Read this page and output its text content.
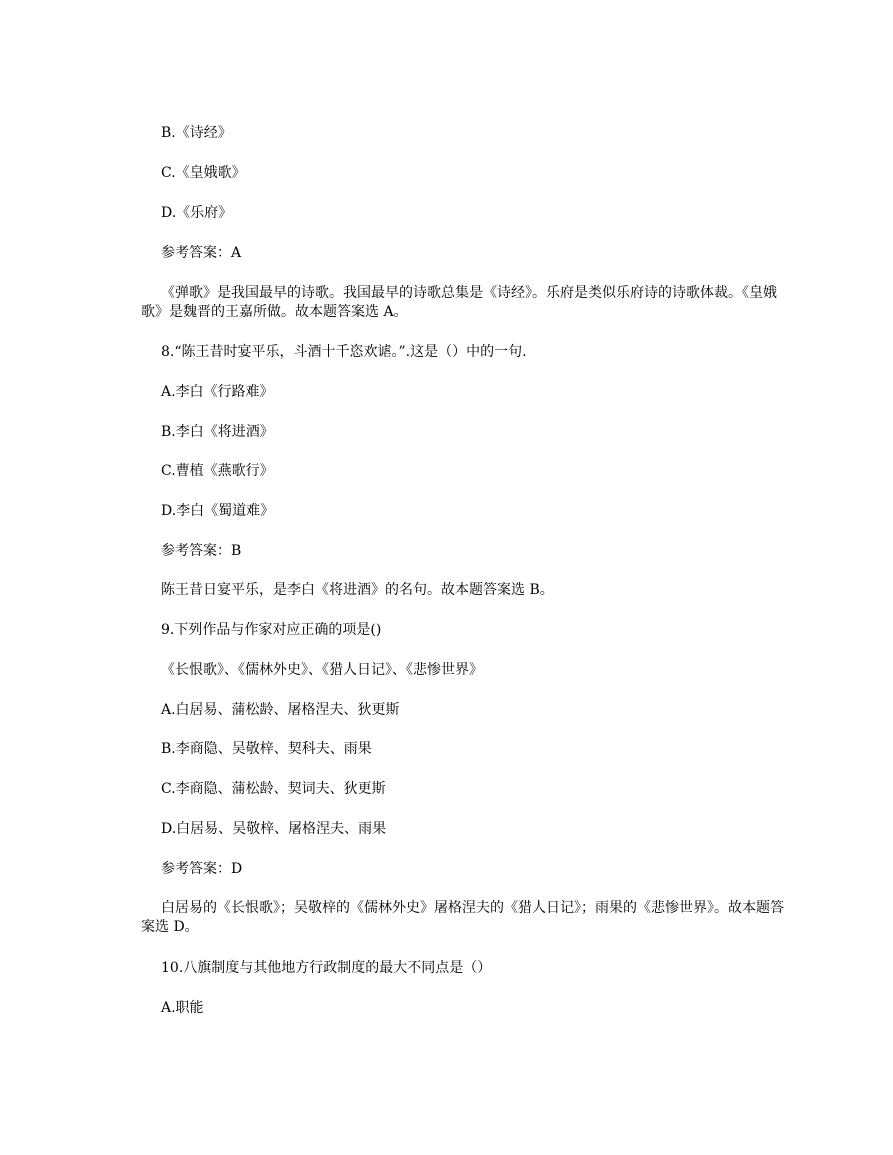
B.《诗经》

C.《皇娥歌》

D.《乐府》

参考答案：A

《弹歌》是我国最早的诗歌。我国最早的诗歌总集是《诗经》。乐府是类似乐府诗的诗歌体裁。《皇娥歌》是魏晋的王嘉所做。故本题答案选 A。

8.“陈王昔时宴平乐，斗酒十千恣欢谑。”.这是（）中的一句.

A.李白《行路难》

B.李白《将进酒》

C.曹植《燕歌行》

D.李白《蜀道难》

参考答案：B

陈王昔日宴平乐，是李白《将进酒》的名句。故本题答案选 B。

9.下列作品与作家对应正确的项是()

《长恨歌》、《儒林外史》、《猎人日记》、《悲惨世界》

A.白居易、蒲松龄、屠格涅夫、狄更斯

B.李商隐、吴敬梓、契科夫、雨果

C.李商隐、蒲松龄、契词夫、狄更斯

D.白居易、吴敬梓、屠格涅夫、雨果

参考答案：D

白居易的《长恨歌》；吴敬梓的《儒林外史》屠格涅夫的《猎人日记》；雨果的《悲惨世界》。故本题答案选 D。

10.八旗制度与其他地方行政制度的最大不同点是（）

A.职能
